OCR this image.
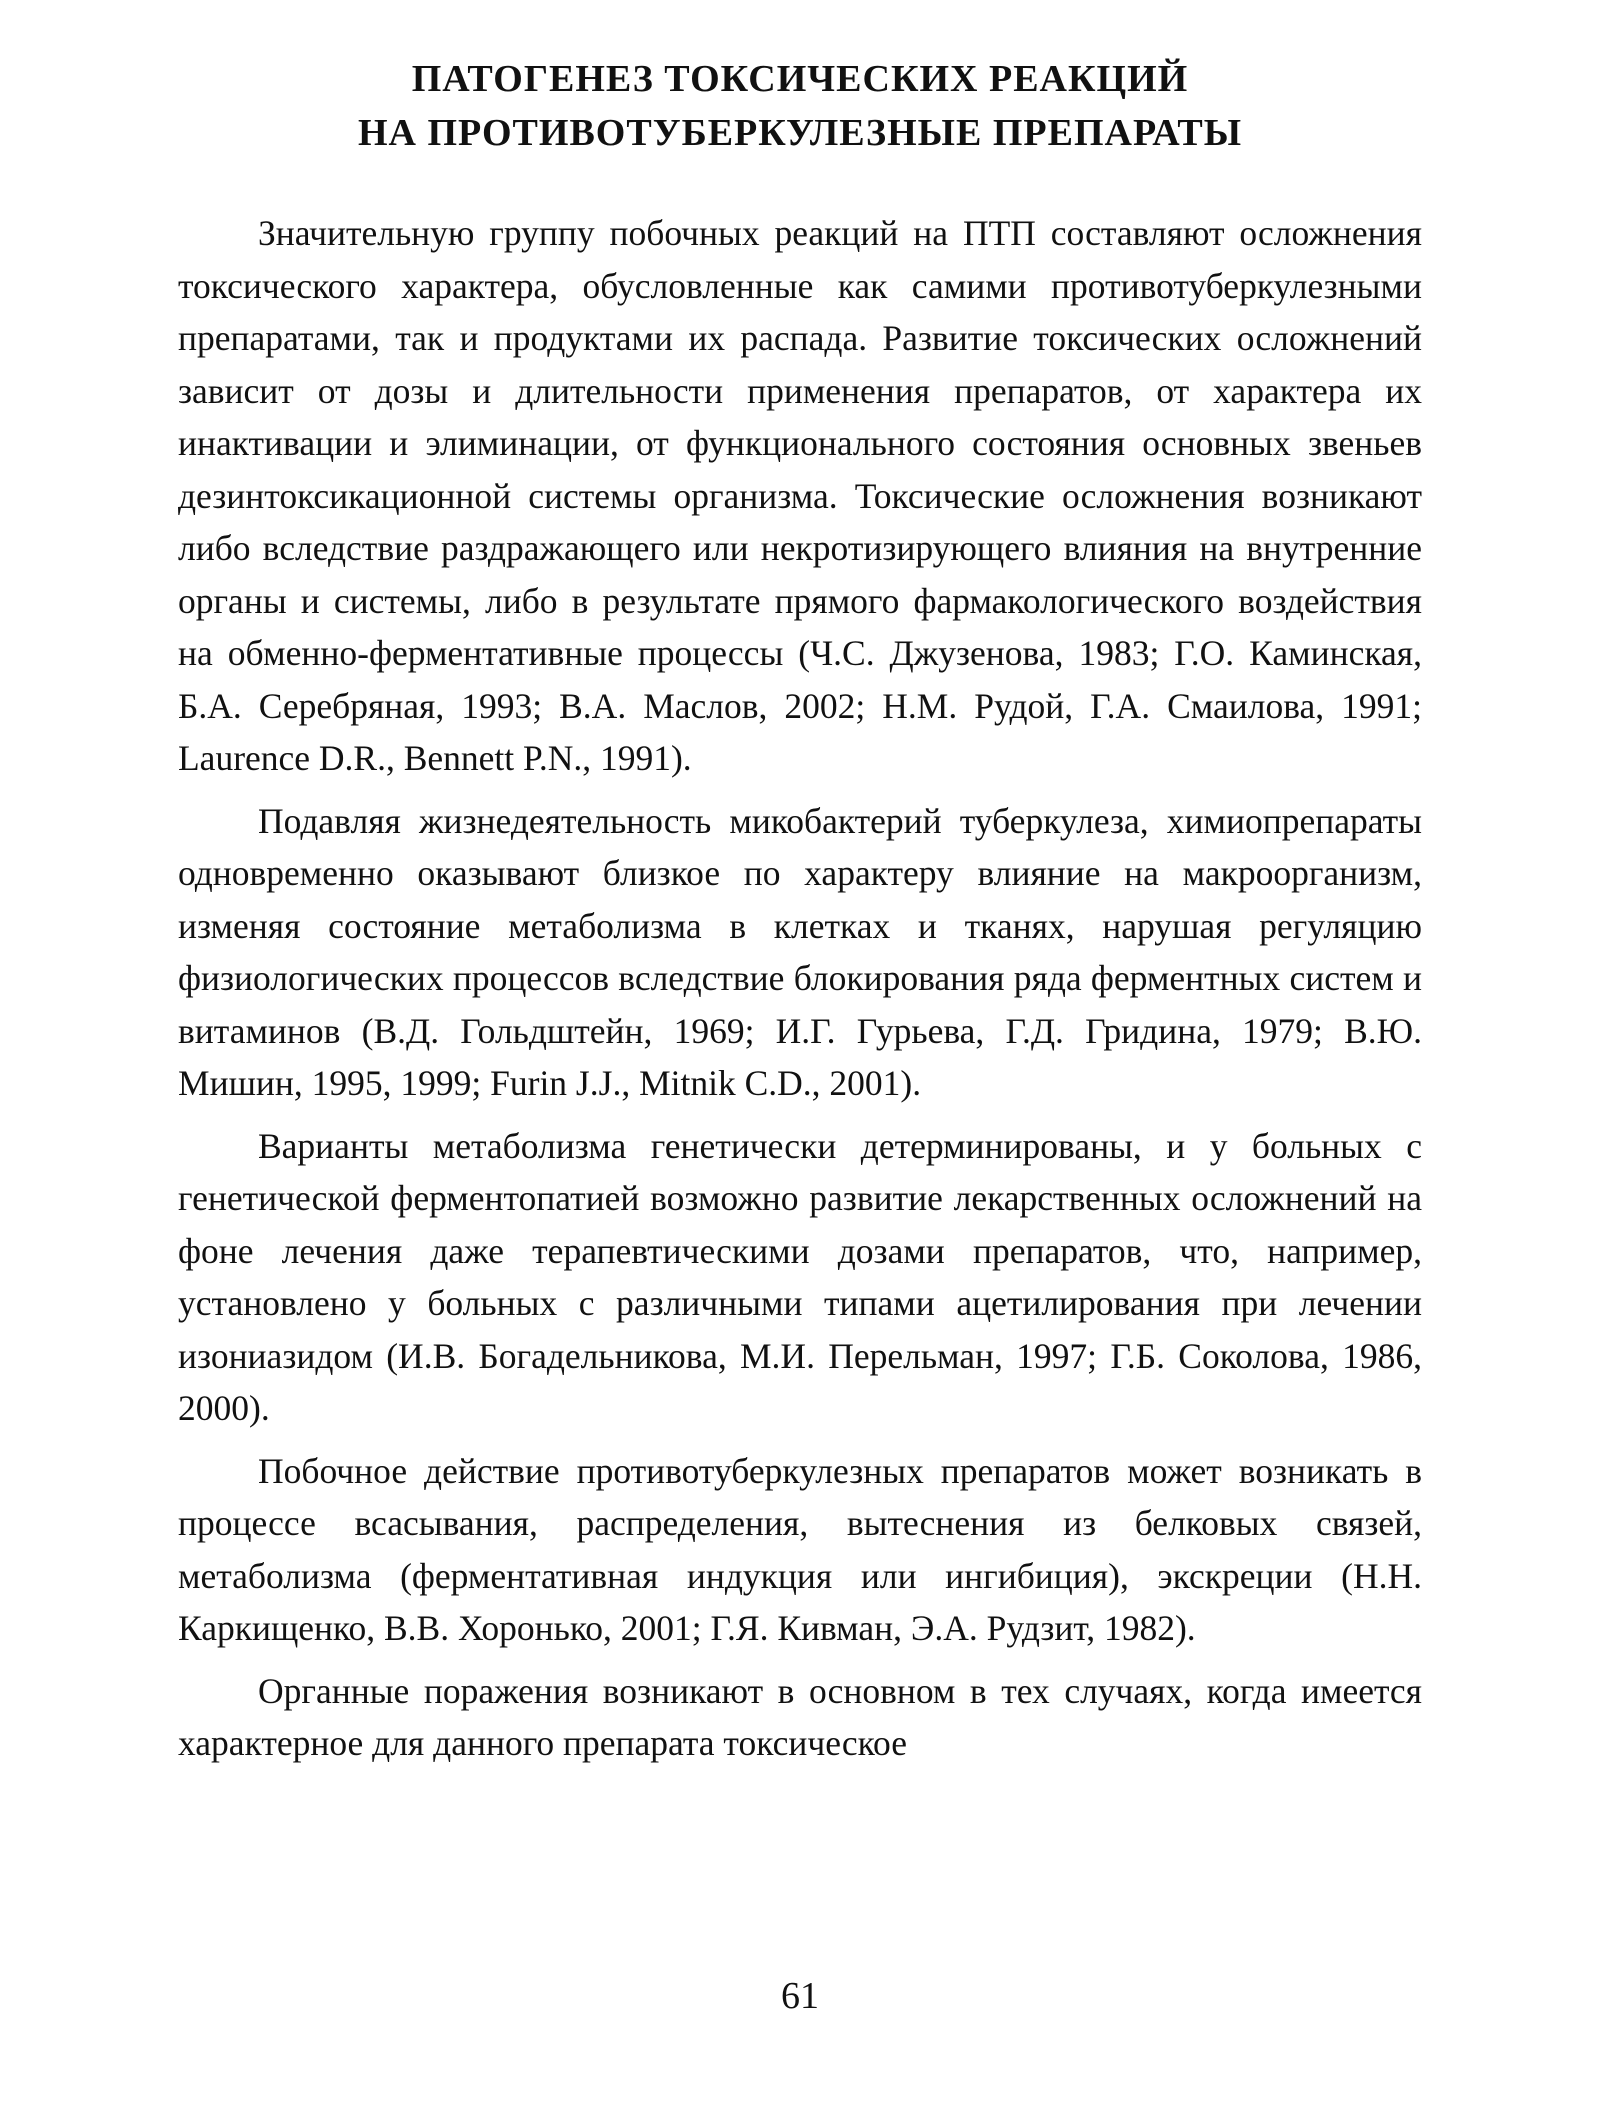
ПАТОГЕНЕЗ ТОКСИЧЕСКИХ РЕАКЦИЙ
НА ПРОТИВОТУБЕРКУЛЕЗНЫЕ ПРЕПАРАТЫ

Значительную группу побочных реакций на ПТП составляют осложнения токсического характера, обусловленные как самими противотуберкулезными препаратами, так и продуктами их распада. Развитие токсических осложнений зависит от дозы и длительности применения препаратов, от характера их инактивации и элиминации, от функционального состояния основных звеньев дезинтоксикационной системы организма. Токсические осложнения возникают либо вследствие раздражающего или некротизирующего влияния на внутренние органы и системы, либо в результате прямого фармакологического воздействия на обменно-ферментативные процессы (Ч.С. Джузенова, 1983; Г.О. Каминская, Б.А. Серебряная, 1993; В.А. Маслов, 2002; Н.М. Рудой, Г.А. Смаилова, 1991; Laurence D.R., Bennett P.N., 1991).

Подавляя жизнедеятельность микобактерий туберкулеза, химиопрепараты одновременно оказывают близкое по характеру влияние на макроорганизм, изменяя состояние метаболизма в клетках и тканях, нарушая регуляцию физиологических процессов вследствие блокирования ряда ферментных систем и витаминов (В.Д. Гольдштейн, 1969; И.Г. Гурьева, Г.Д. Гридина, 1979; В.Ю. Мишин, 1995, 1999; Furin J.J., Mitnik C.D., 2001).

Варианты метаболизма генетически детерминированы, и у больных с генетической ферментопатией возможно развитие лекарственных осложнений на фоне лечения даже терапевтическими дозами препаратов, что, например, установлено у больных с различными типами ацетилирования при лечении изониазидом (И.В. Богадельникова, М.И. Перельман, 1997; Г.Б. Соколова, 1986, 2000).

Побочное действие противотуберкулезных препаратов может возникать в процессе всасывания, распределения, вытеснения из белковых связей, метаболизма (ферментативная индукция или ингибиция), экскреции (Н.Н. Каркищенко, В.В. Хоронько, 2001; Г.Я. Кивман, Э.А. Рудзит, 1982).

Органные поражения возникают в основном в тех случаях, когда имеется характерное для данного препарата токсическое

61
